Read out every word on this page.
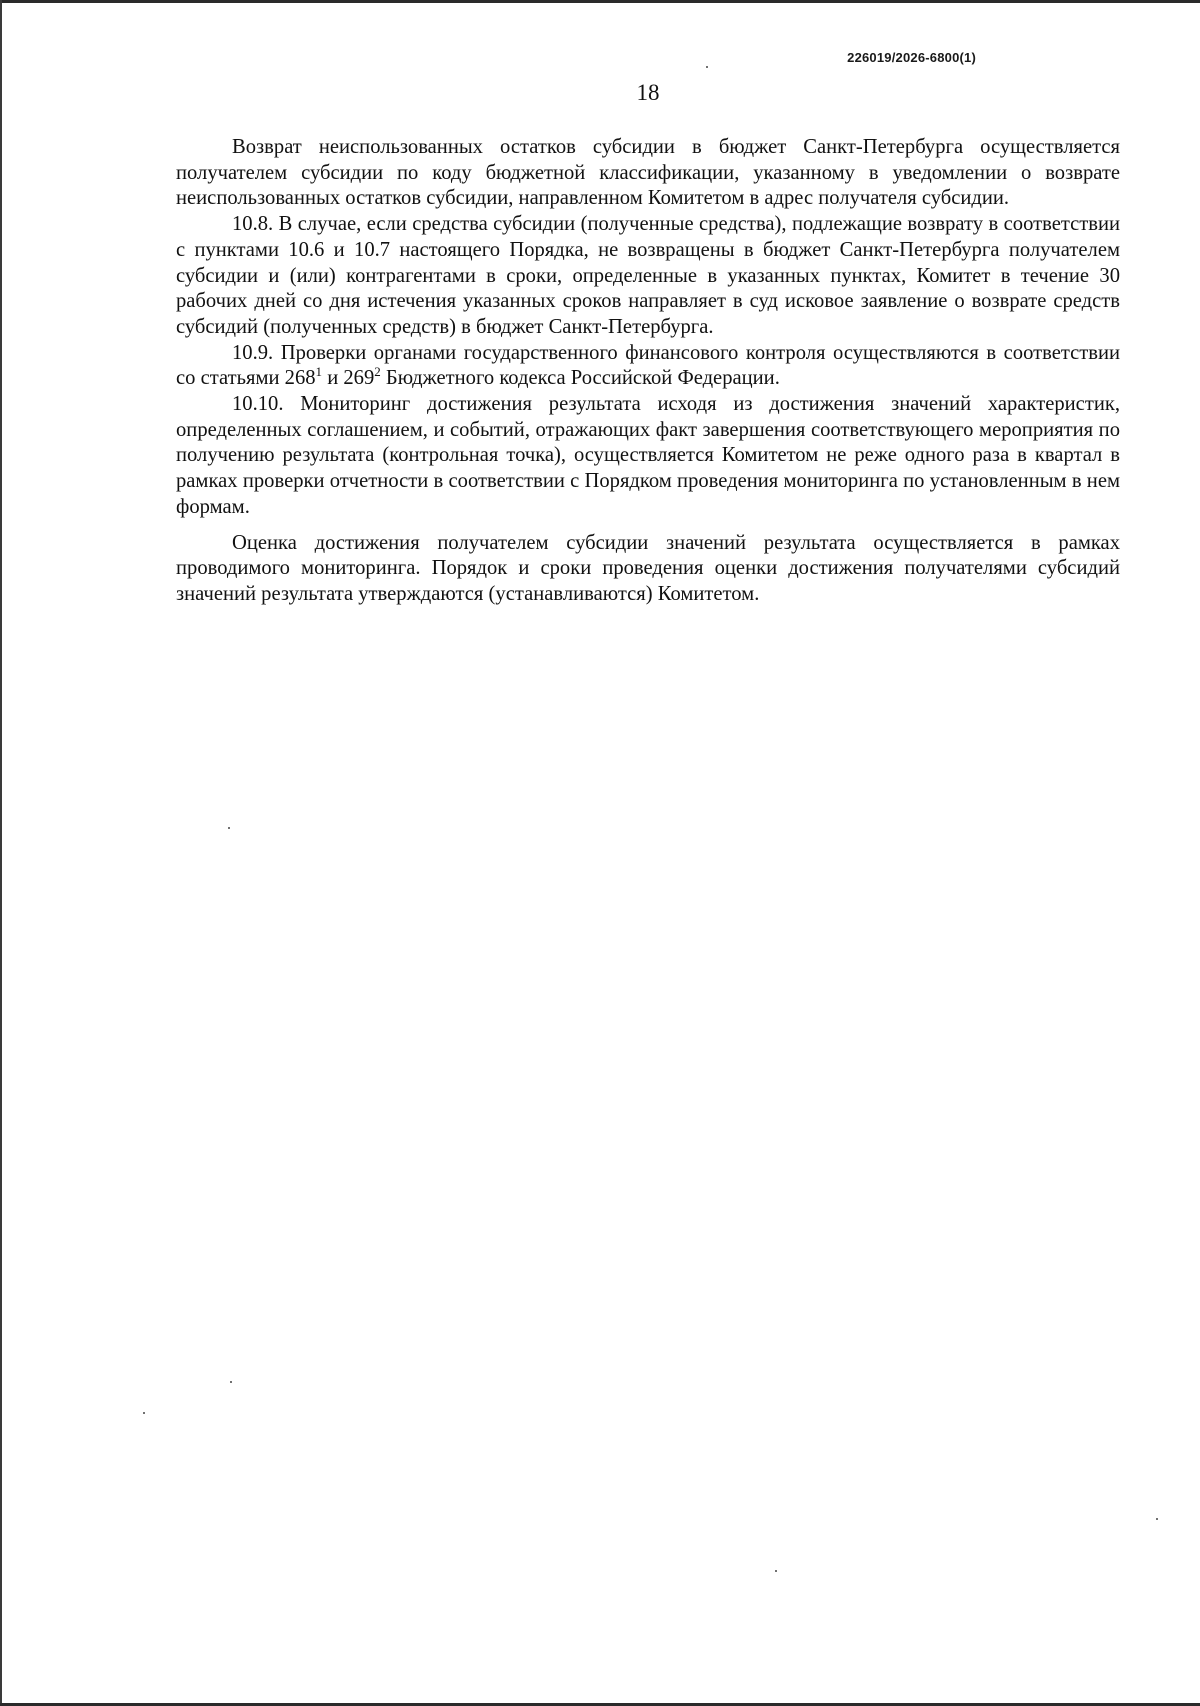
226019/2026-6800(1)
18

Возврат неиспользованных остатков субсидии в бюджет Санкт-Петербурга осуществляется получателем субсидии по коду бюджетной классификации, указанному в уведомлении о возврате неиспользованных остатков субсидии, направленном Комитетом в адрес получателя субсидии.

10.8. В случае, если средства субсидии (полученные средства), подлежащие возврату в соответствии с пунктами 10.6 и 10.7 настоящего Порядка, не возвращены в бюджет Санкт-Петербурга получателем субсидии и (или) контрагентами в сроки, определенные в указанных пунктах, Комитет в течение 30 рабочих дней со дня истечения указанных сроков направляет в суд исковое заявление о возврате средств субсидий (полученных средств) в бюджет Санкт-Петербурга.

10.9. Проверки органами государственного финансового контроля осуществляются в соответствии со статьями $268^1$ и $269^2$ Бюджетного кодекса Российской Федерации.

10.10. Мониторинг достижения результата исходя из достижения значений характеристик, определенных соглашением, и событий, отражающих факт завершения соответствующего мероприятия по получению результата (контрольная точка), осуществляется Комитетом не реже одного раза в квартал в рамках проверки отчетности в соответствии с Порядком проведения мониторинга по установленным в нем формам.

Оценка достижения получателем субсидии значений результата осуществляется в рамках проводимого мониторинга. Порядок и сроки проведения оценки достижения получателями субсидий значений результата утверждаются (устанавливаются) Комитетом.
